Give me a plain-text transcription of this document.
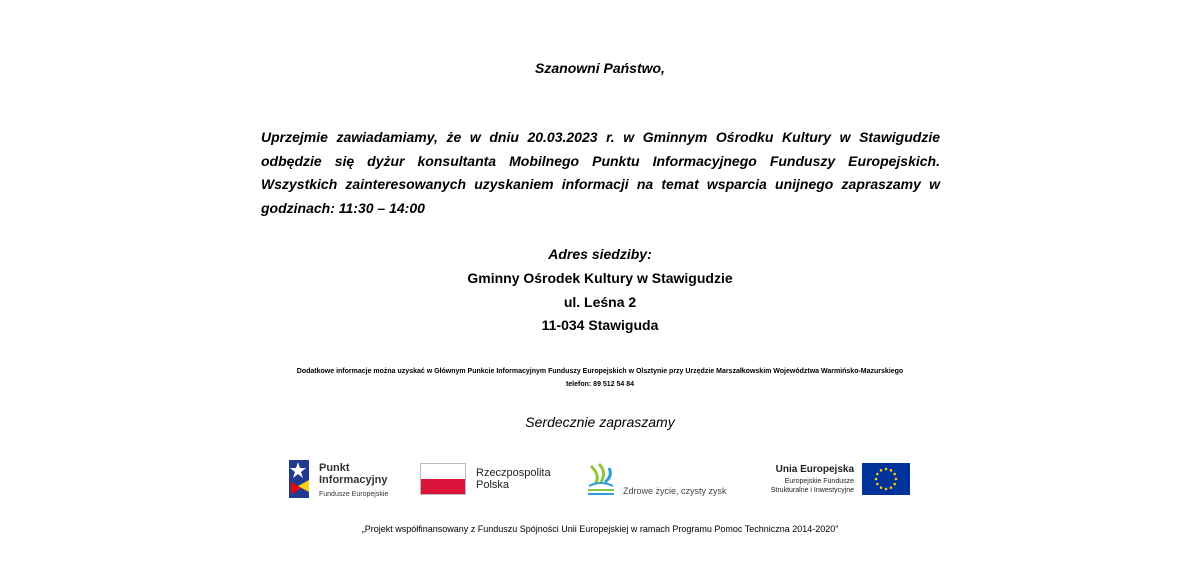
Szanowni Państwo,
Uprzejmie zawiadamiamy, że w dniu 20.03.2023 r. w Gminnym Ośrodku Kultury w Stawigudzie odbędzie się dyżur konsultanta Mobilnego Punktu Informacyjnego Funduszy Europejskich. Wszystkich zainteresowanych uzyskaniem informacji na temat wsparcia unijnego zapraszamy w godzinach: 11:30 – 14:00
Adres siedziby:
Gminny Ośrodek Kultury w Stawigudzie
ul. Leśna 2
11-034 Stawiguda
Dodatkowe informacje można uzyskać w Głównym Punkcie Informacyjnym Funduszy Europejskich w Olsztynie przy Urzędzie Marszałkowskim Województwa Warmińsko-Mazurskiego
telefon: 89 512 54 84
Serdecznie zapraszamy
Punkt
Informacyjny
Fundusze Europejskie
Rzeczpospolita
Polska	Zdrowe życie, czysty zysk
Unia Europejska
Europejskie Fundusze
Strukturalne i Inwestycyjne
„Projekt współfinansowany z Funduszu Spójności Unii Europejskiej w ramach Programu Pomoc Techniczna 2014-2020”
